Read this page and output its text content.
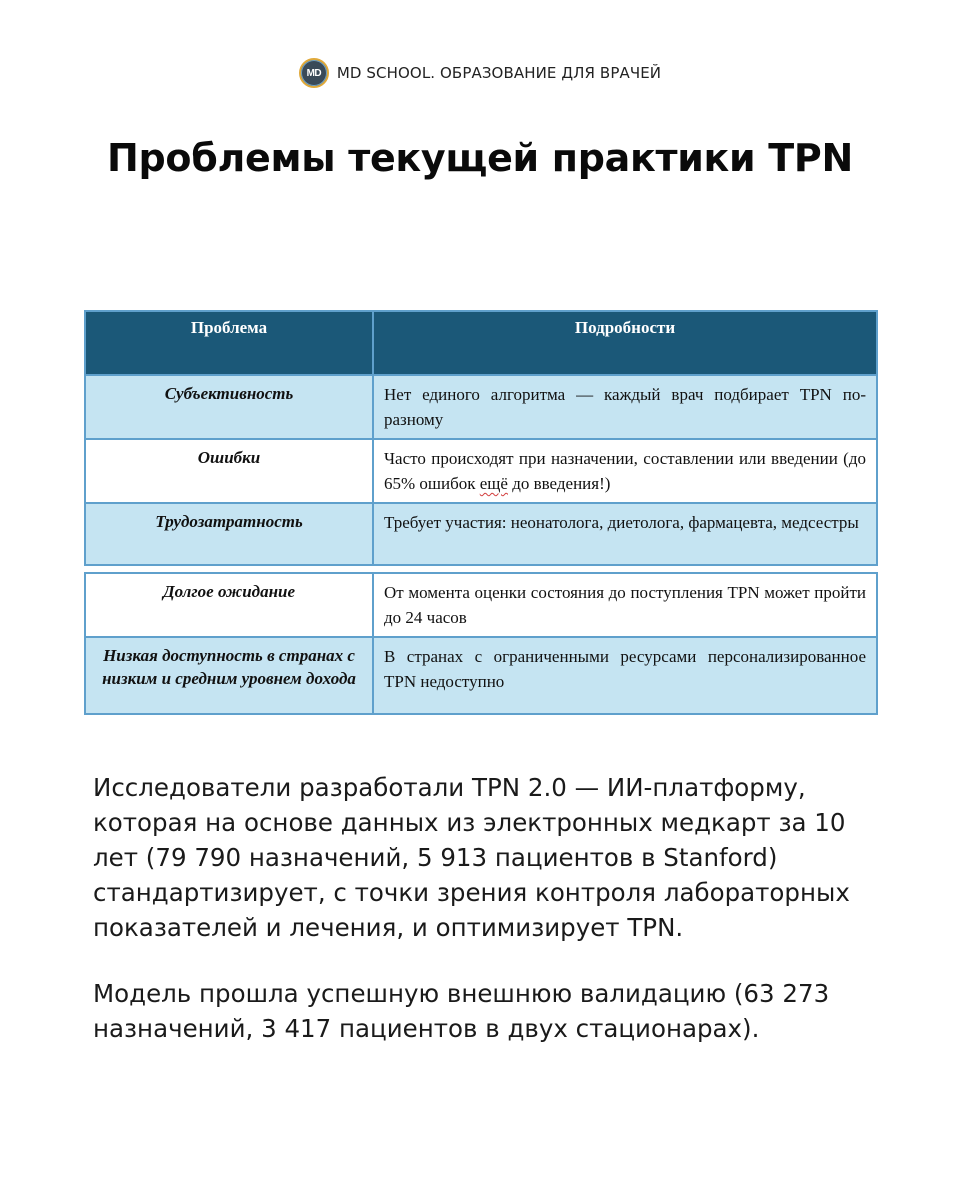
MD MD SCHOOL. ОБРАЗОВАНИЕ ДЛЯ ВРАЧЕЙ
Проблемы текущей практики TPN
Проблема	Подробности
Субъективность	Нет единого алгоритма — каждый врач подбирает TPN по-разному
Ошибки	Часто происходят при назначении, составлении или введении (до 65% ошибок ещё до введения!)
Трудозатратность	Требует участия: неонатолога, диетолога, фармацевта, медсестры
Долгое ожидание	От момента оценки состояния до поступления TPN может пройти до 24 часов
Низкая доступность в странах с низким и средним уровнем дохода	В странах с ограниченными ресурсами персонализированное TPN недоступно

Исследователи разработали TPN 2.0 — ИИ-платформу, которая на основе данных из электронных медкарт за 10 лет (79 790 назначений, 5 913 пациентов в Stanford) стандартизирует, с точки зрения контроля лабораторных показателей и лечения, и оптимизирует TPN.

Модель прошла успешную внешнюю валидацию (63 273 назначений, 3 417 пациентов в двух стационарах).
